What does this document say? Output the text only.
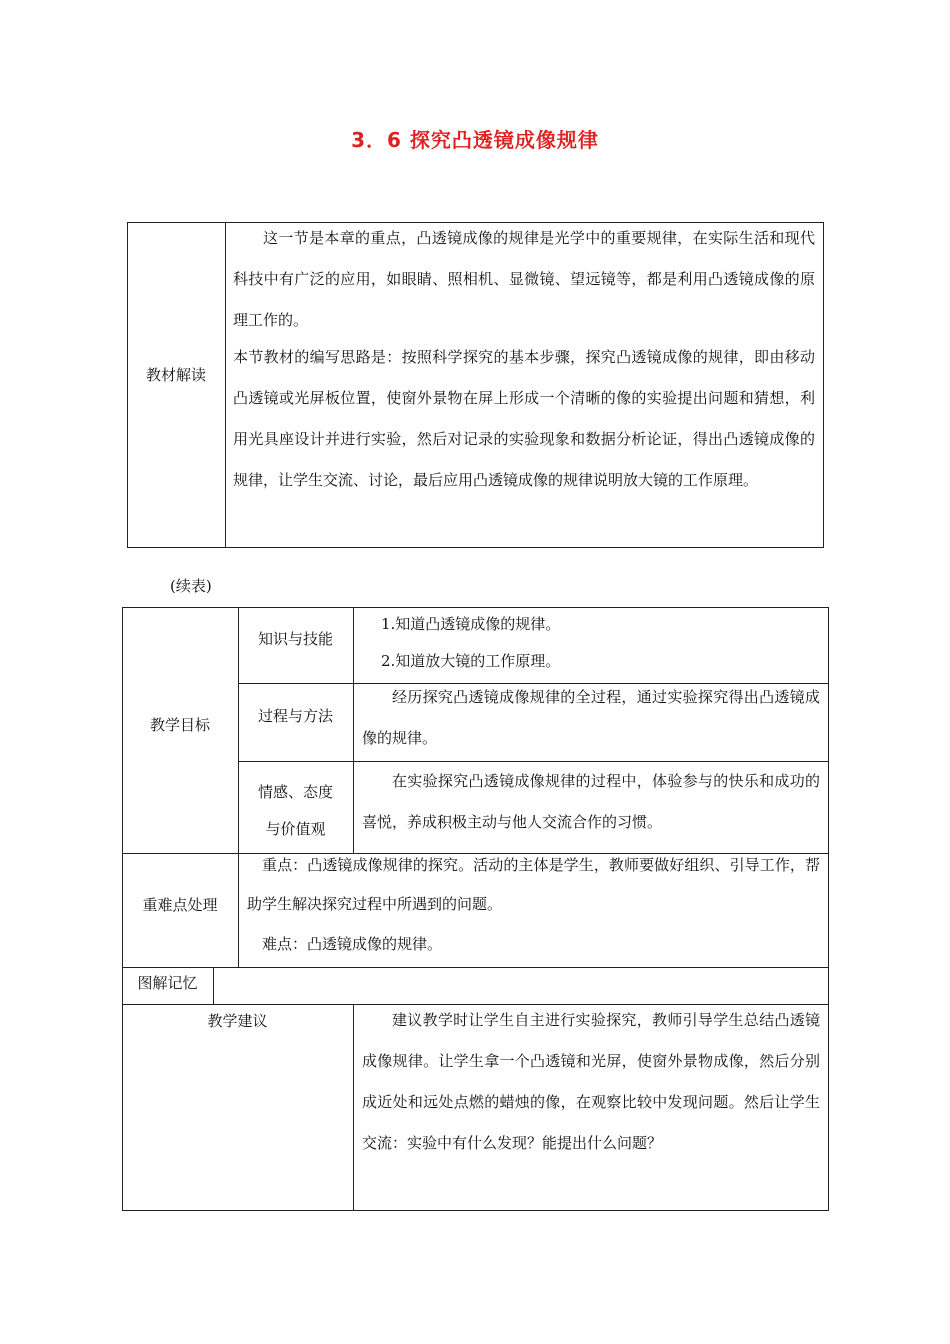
3．6 探究凸透镜成像规律
教材解读
这一节是本章的重点，凸透镜成像的规律是光学中的重要规律，在实际生活和现代科技中有广泛的应用，如眼睛、照相机、显微镜、望远镜等，都是利用凸透镜成像的原理工作的。
本节教材的编写思路是：按照科学探究的基本步骤，探究凸透镜成像的规律，即由移动凸透镜或光屏板位置，使窗外景物在屏上形成一个清晰的像的实验提出问题和猜想，利用光具座设计并进行实验，然后对记录的实验现象和数据分析论证，得出凸透镜成像的规律，让学生交流、讨论，最后应用凸透镜成像的规律说明放大镜的工作原理。
(续表)
教学目标
知识与技能
1.知道凸透镜成像的规律。
2.知道放大镜的工作原理。
过程与方法
经历探究凸透镜成像规律的全过程，通过实验探究得出凸透镜成像的规律。
情感、态度
与价值观
在实验探究凸透镜成像规律的过程中，体验参与的快乐和成功的喜悦，养成积极主动与他人交流合作的习惯。
重难点处理
重点：凸透镜成像规律的探究。活动的主体是学生，教师要做好组织、引导工作，帮助学生解决探究过程中所遇到的问题。
难点：凸透镜成像的规律。
图解记忆
教学建议	建议教学时让学生自主进行实验探究，教师引导学生总结凸透镜成像规律。让学生拿一个凸透镜和光屏，使窗外景物成像，然后分别成近处和远处点燃的蜡烛的像，在观察比较中发现问题。然后让学生交流：实验中有什么发现？能提出什么问题？
